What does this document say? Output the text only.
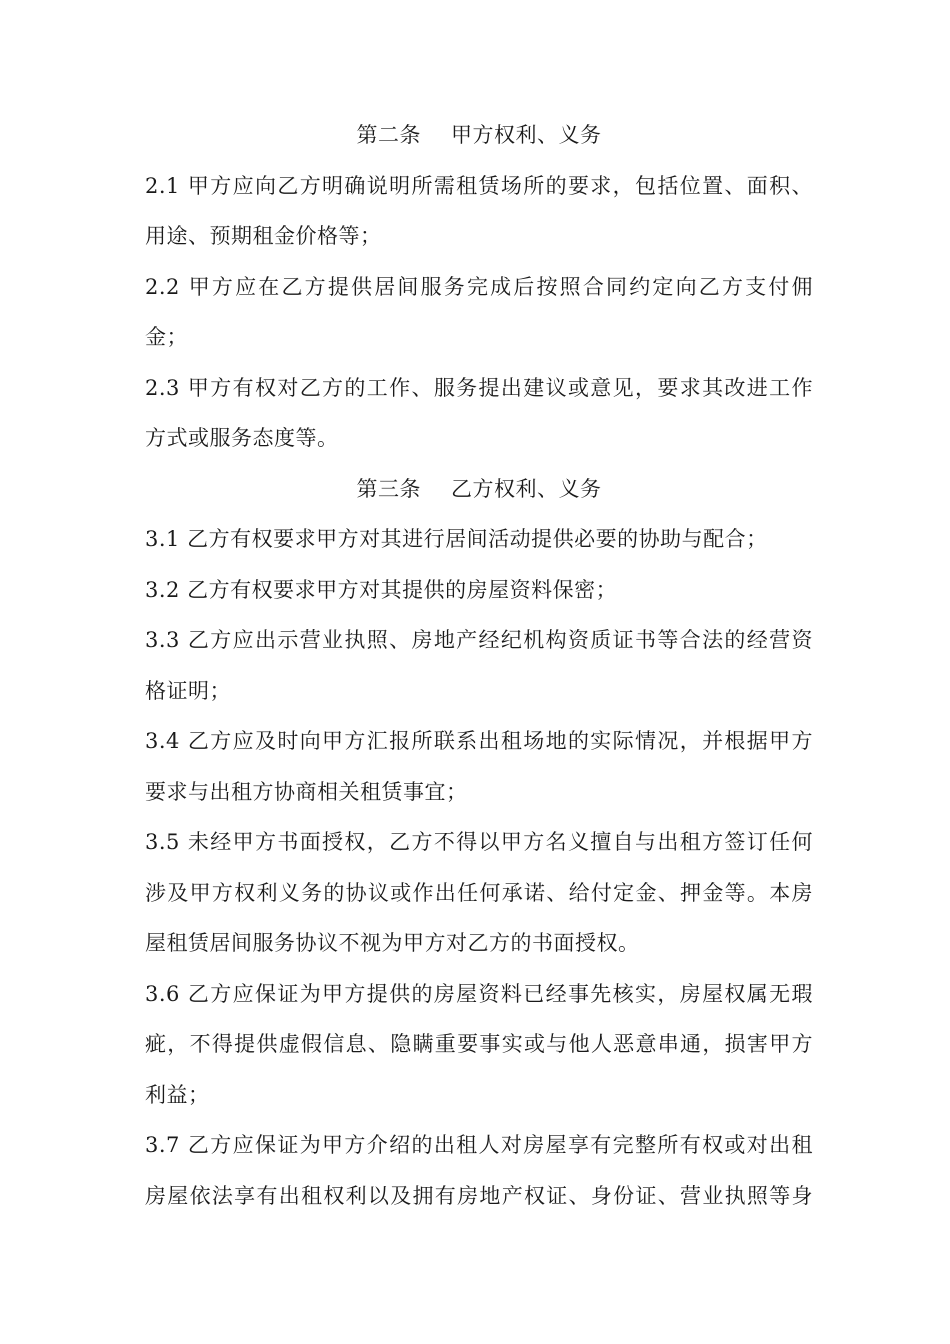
第二条 甲方权利、义务
2.1 甲方应向乙方明确说明所需租赁场所的要求，包括位置、面积、
用途、预期租金价格等；
2.2 甲方应在乙方提供居间服务完成后按照合同约定向乙方支付佣
金；
2.3 甲方有权对乙方的工作、服务提出建议或意见，要求其改进工作
方式或服务态度等。
第三条 乙方权利、义务
3.1 乙方有权要求甲方对其进行居间活动提供必要的协助与配合；
3.2 乙方有权要求甲方对其提供的房屋资料保密；
3.3 乙方应出示营业执照、房地产经纪机构资质证书等合法的经营资
格证明；
3.4 乙方应及时向甲方汇报所联系出租场地的实际情况，并根据甲方
要求与出租方协商相关租赁事宜；
3.5 未经甲方书面授权，乙方不得以甲方名义擅自与出租方签订任何
涉及甲方权利义务的协议或作出任何承诺、给付定金、押金等。本房
屋租赁居间服务协议不视为甲方对乙方的书面授权。
3.6 乙方应保证为甲方提供的房屋资料已经事先核实，房屋权属无瑕
疵，不得提供虚假信息、隐瞒重要事实或与他人恶意串通，损害甲方
利益；
3.7 乙方应保证为甲方介绍的出租人对房屋享有完整所有权或对出租
房屋依法享有出租权利以及拥有房地产权证、身份证、营业执照等身
